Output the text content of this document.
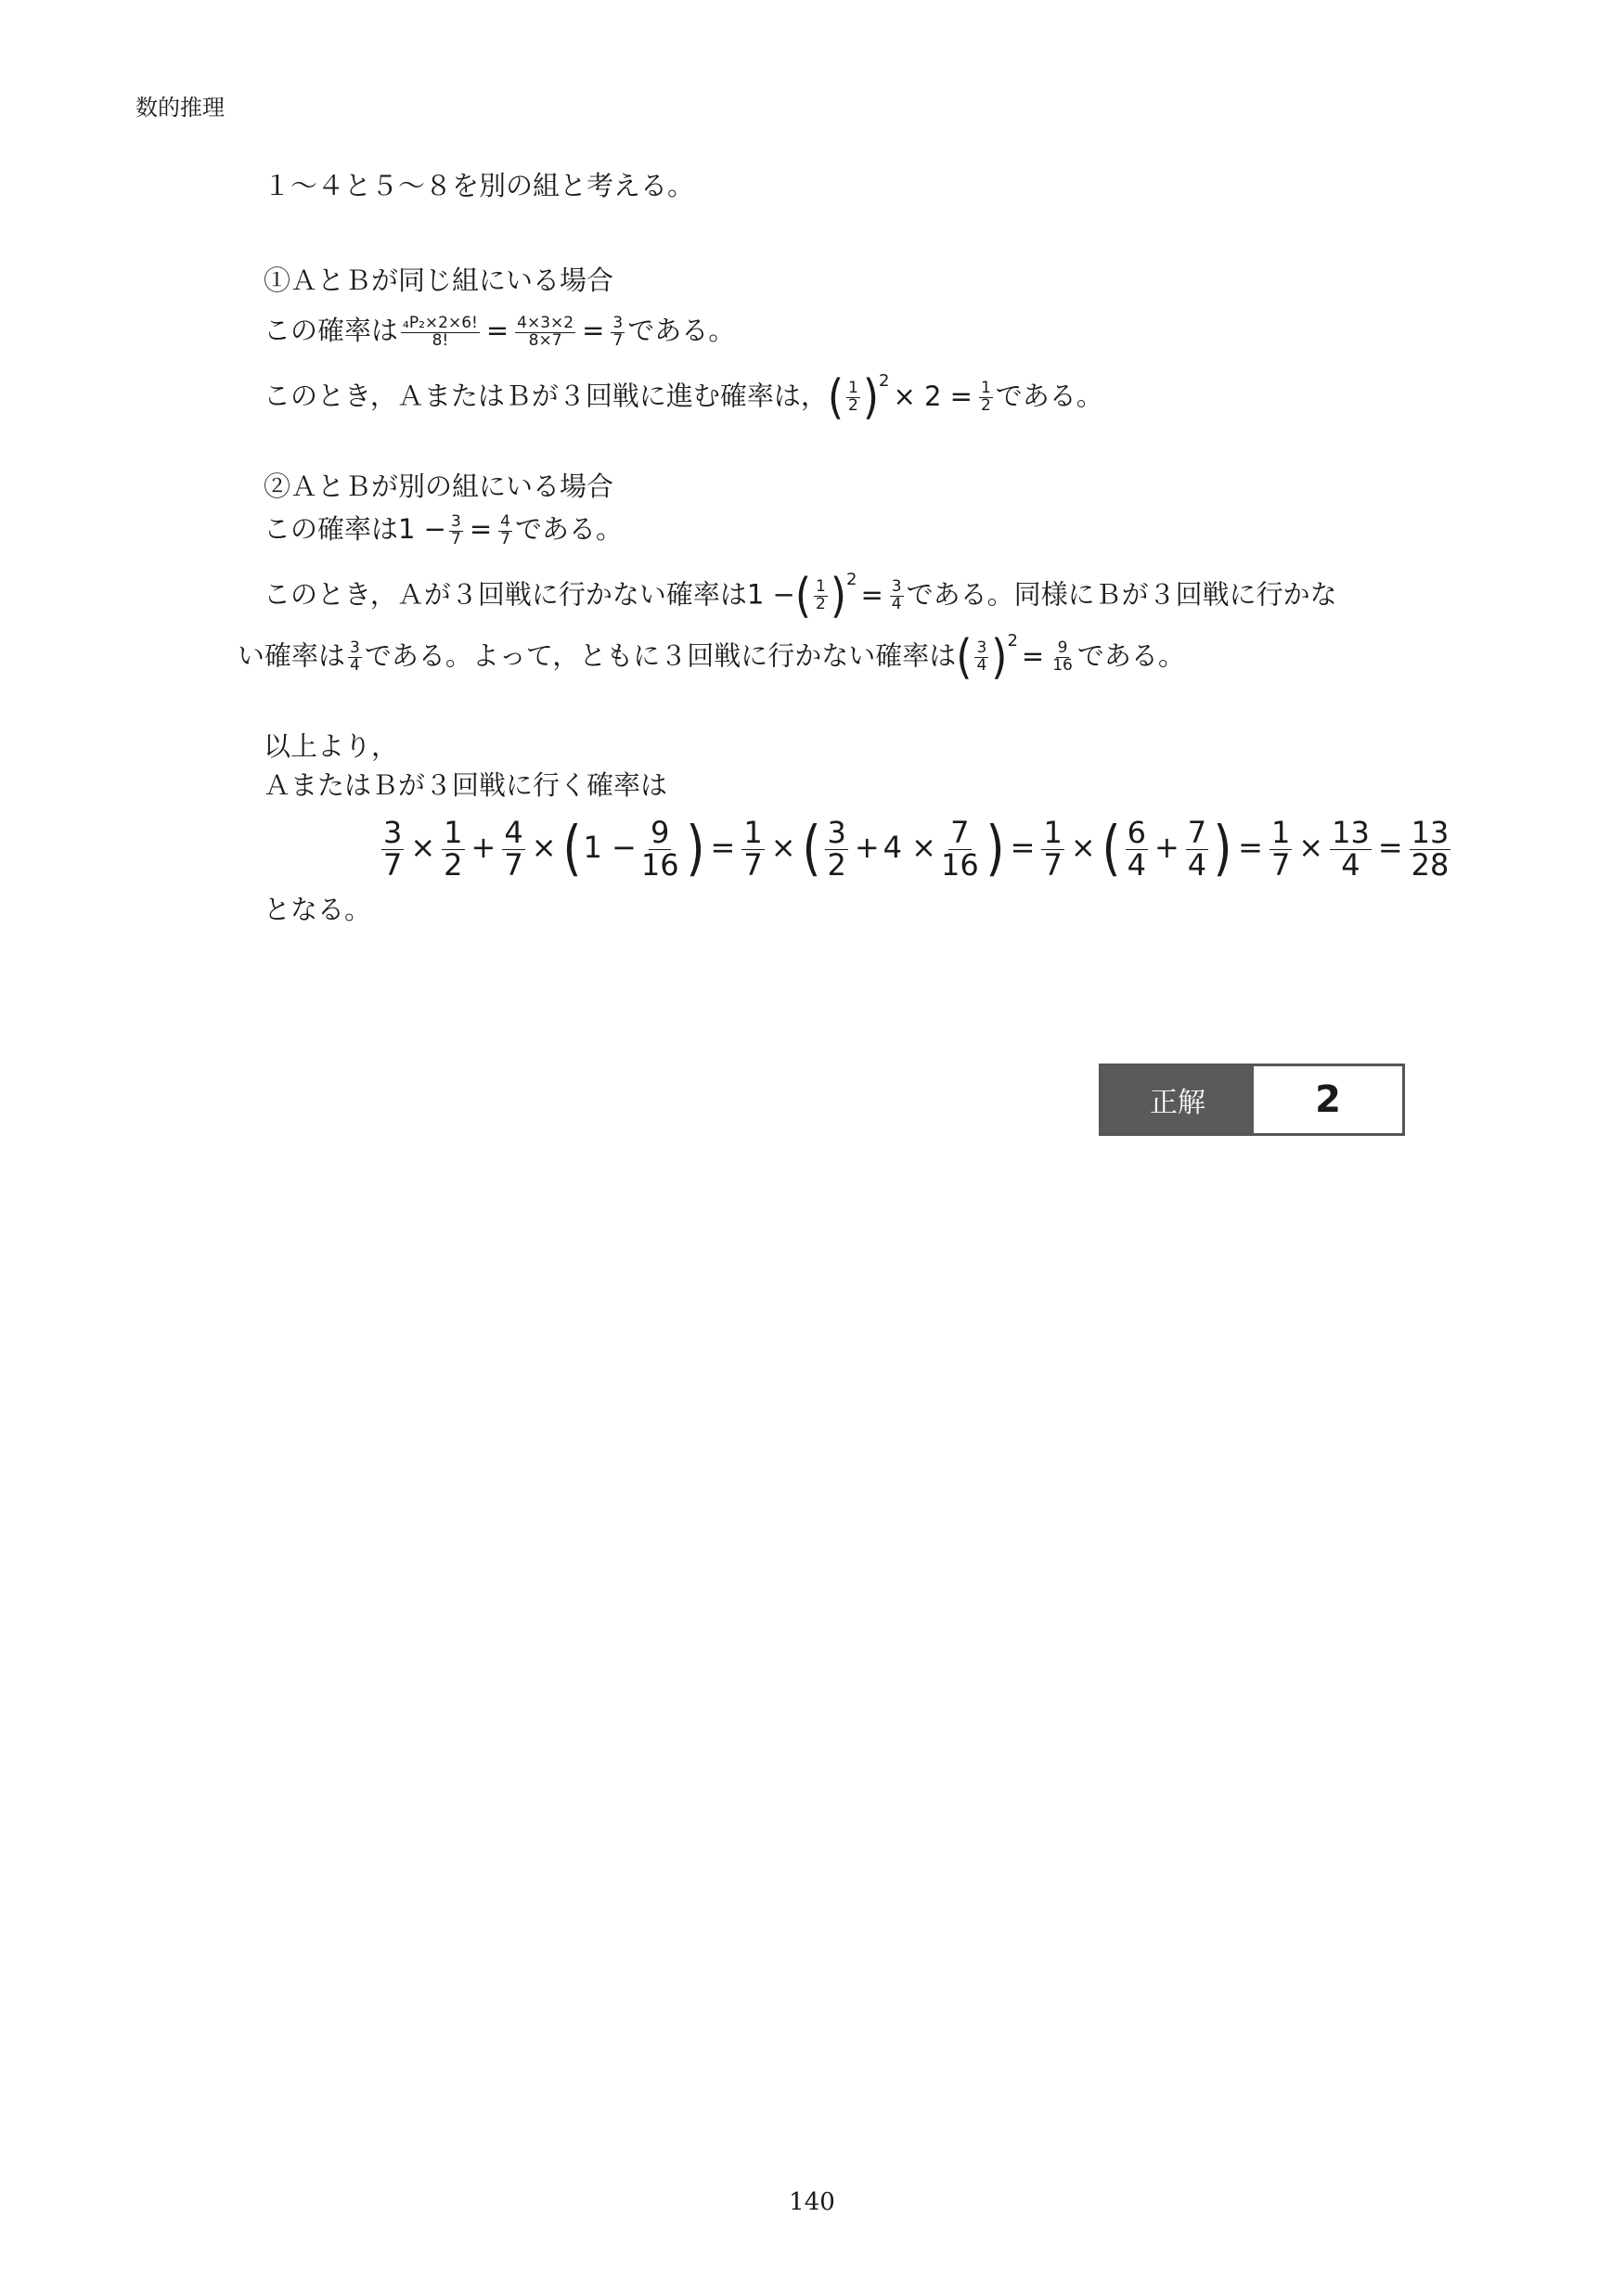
数的推理
１～４と５～８を別の組と考える。
①ＡとＢが同じ組にいる場合
この確率は $\frac{\text{₄P₂×2×6!}}{8!} = \frac{4\times 3\times 2}{8\times 7} = \frac{3}{7}$ である。
このとき，ＡまたはＢが３回戦に進む確率は，( $\frac{1}{2} )^2 \times 2 = \frac{1}{2}$ である。
②ＡとＢが別の組にいる場合
この確率は$1 - \frac{3}{7} = \frac{4}{7}$ である。
このとき，Ａが３回戦に行かない確率は1 −( $\frac{1}{2} )^2 = \frac{3}{4}$ である。同様にＢが３回戦に行かな
い確率は $\frac{3}{4}$ である。よって，ともに３回戦に行かない確率は( $\frac{3}{4} )^2 = \frac{9}{16}$ である。
以上より，
ＡまたはＢが３回戦に行く確率は
$\frac{3}{7} \times \frac{1}{2} + \frac{4}{7} \times (1 - \frac{9}{16}$ ) = $\frac{1}{7}$ × ( $\frac{3}{2} + 4 \times \frac{7}{16}$ ) = $\frac{1}{7}$ × ( $\frac{6}{4} + \frac{7}{4}$ ) = $\frac{1}{7} \times \frac{13}{4} = \frac{13}{28}$
となる。
正解	2
140
